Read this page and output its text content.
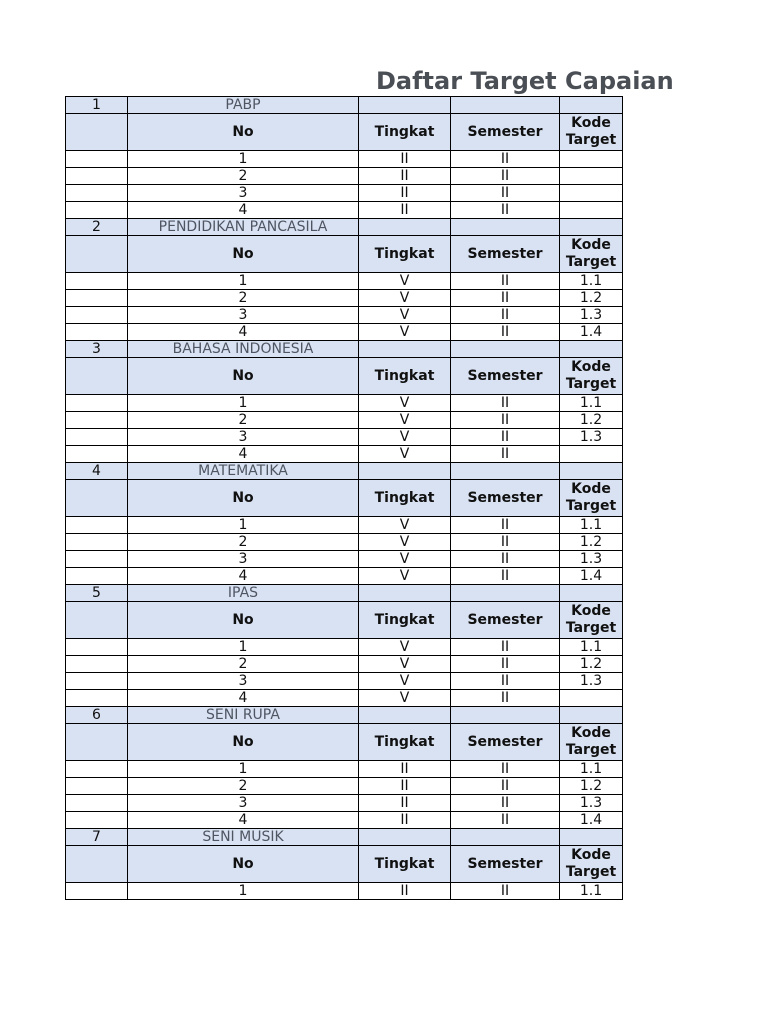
Daftar Target Capaian
1	PABP			
	No	Tingkat	Semester	Kode Target
	1	II	II	
	2	II	II	
	3	II	II	
	4	II	II	
2	PENDIDIKAN PANCASILA			
	No	Tingkat	Semester	Kode Target
	1	V	II	1.1
	2	V	II	1.2
	3	V	II	1.3
	4	V	II	1.4
3	BAHASA INDONESIA			
	No	Tingkat	Semester	Kode Target
	1	V	II	1.1
	2	V	II	1.2
	3	V	II	1.3
	4	V	II	
4	MATEMATIKA			
	No	Tingkat	Semester	Kode Target
	1	V	II	1.1
	2	V	II	1.2
	3	V	II	1.3
	4	V	II	1.4
5	IPAS			
	No	Tingkat	Semester	Kode Target
	1	V	II	1.1
	2	V	II	1.2
	3	V	II	1.3
	4	V	II	
6	SENI RUPA			
	No	Tingkat	Semester	Kode Target
	1	II	II	1.1
	2	II	II	1.2
	3	II	II	1.3
	4	II	II	1.4
7	SENI MUSIK			
	No	Tingkat	Semester	Kode Target
	1	II	II	1.1
